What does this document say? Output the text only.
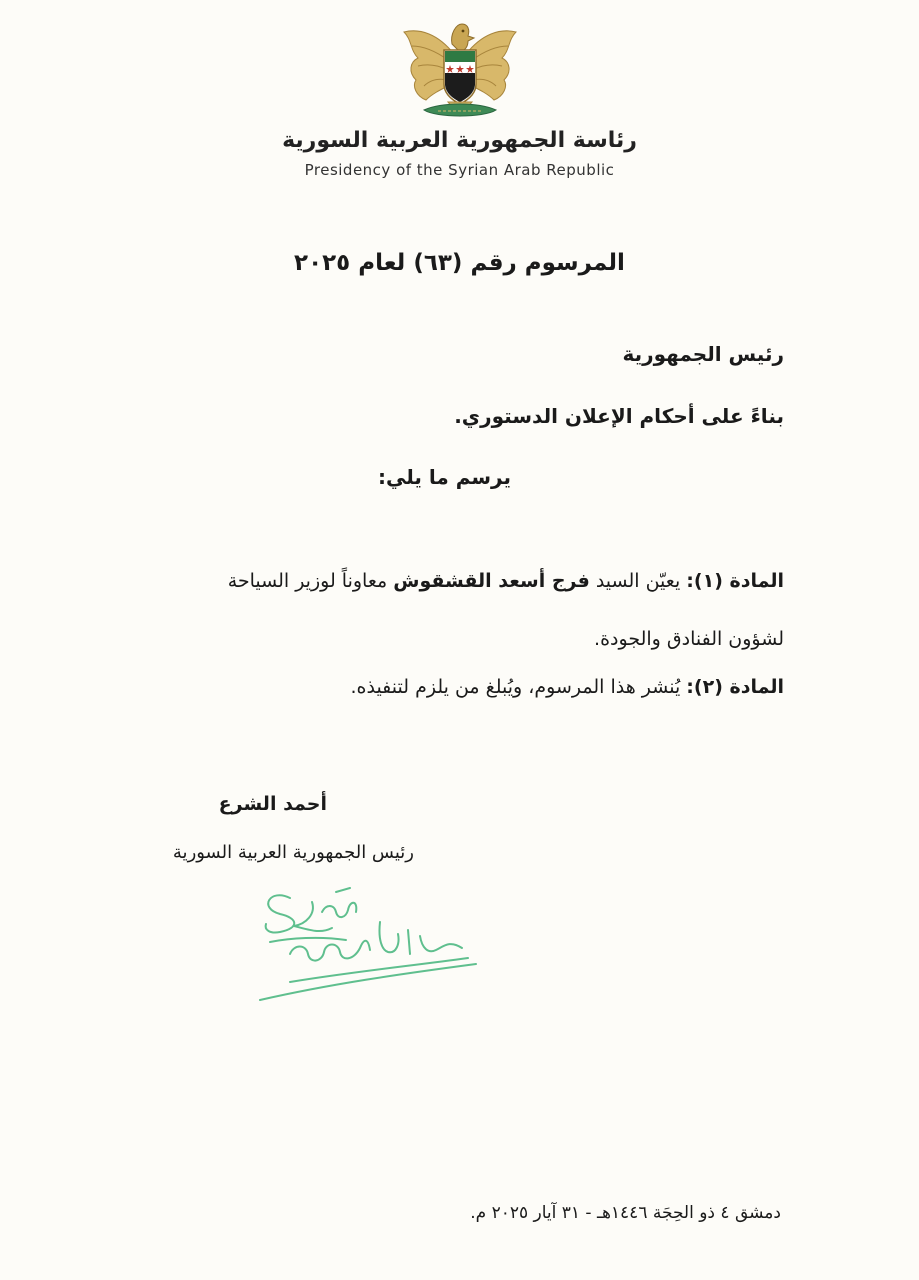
رئاسة الجمهورية العربية السورية
Presidency of the Syrian Arab Republic
المرسوم رقم (٦٣) لعام ٢٠٢٥
رئيس الجمهورية
بناءً على أحكام الإعلان الدستوري.
يرسم ما يلي:
المادة (١): يعيّن السيد فرج أسعد القشقوش معاوناً لوزير السياحة لشؤون الفنادق والجودة.
المادة (٢): يُنشر هذا المرسوم، ويُبلغ من يلزم لتنفيذه.
أحمد الشرع
رئيس الجمهورية العربية السورية
دمشق ٤ ذو الحِجَة ١٤٤٦هـ - ٣١ آيار ٢٠٢٥ م.
